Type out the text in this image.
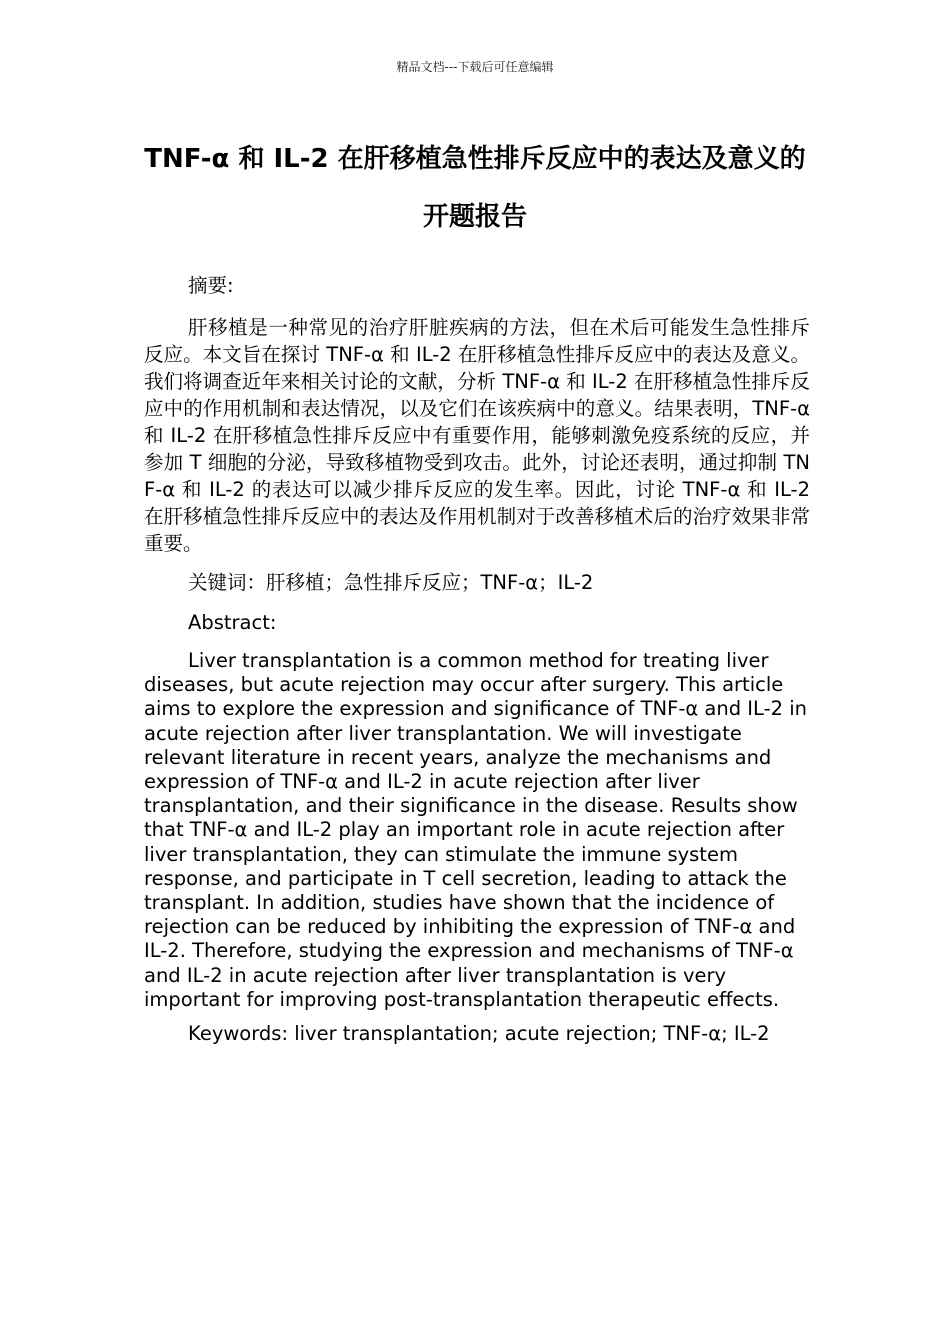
精品文档---下载后可任意编辑
TNF-α 和 IL-2 在肝移植急性排斥反应中的表达及意义的开题报告

摘要:

肝移植是一种常见的治疗肝脏疾病的方法，但在术后可能发生急性排斥反应。本文旨在探讨 TNF-α 和 IL-2 在肝移植急性排斥反应中的表达及意义。我们将调查近年来相关讨论的文献，分析 TNF-α 和 IL-2 在肝移植急性排斥反应中的作用机制和表达情况，以及它们在该疾病中的意义。结果表明，TNF-α 和 IL-2 在肝移植急性排斥反应中有重要作用，能够刺激免疫系统的反应，并参加 T 细胞的分泌，导致移植物受到攻击。此外，讨论还表明，通过抑制 TNF-α 和 IL-2 的表达可以减少排斥反应的发生率。因此，讨论 TNF-α 和 IL-2 在肝移植急性排斥反应中的表达及作用机制对于改善移植术后的治疗效果非常重要。

关键词：肝移植；急性排斥反应；TNF-α；IL-2

Abstract:

Liver transplantation is a common method for treating liver diseases, but acute rejection may occur after surgery. This article aims to explore the expression and significance of TNF-α and IL-2 in acute rejection after liver transplantation. We will investigate relevant literature in recent years, analyze the mechanisms and expression of TNF-α and IL-2 in acute rejection after liver transplantation, and their significance in the disease. Results show that TNF-α and IL-2 play an important role in acute rejection after liver transplantation, they can stimulate the immune system response, and participate in T cell secretion, leading to attack the transplant. In addition, studies have shown that the incidence of rejection can be reduced by inhibiting the expression of TNF-α and IL-2. Therefore, studying the expression and mechanisms of TNF-α and IL-2 in acute rejection after liver transplantation is very important for improving post-transplantation therapeutic effects.

Keywords: liver transplantation; acute rejection; TNF-α; IL-2
